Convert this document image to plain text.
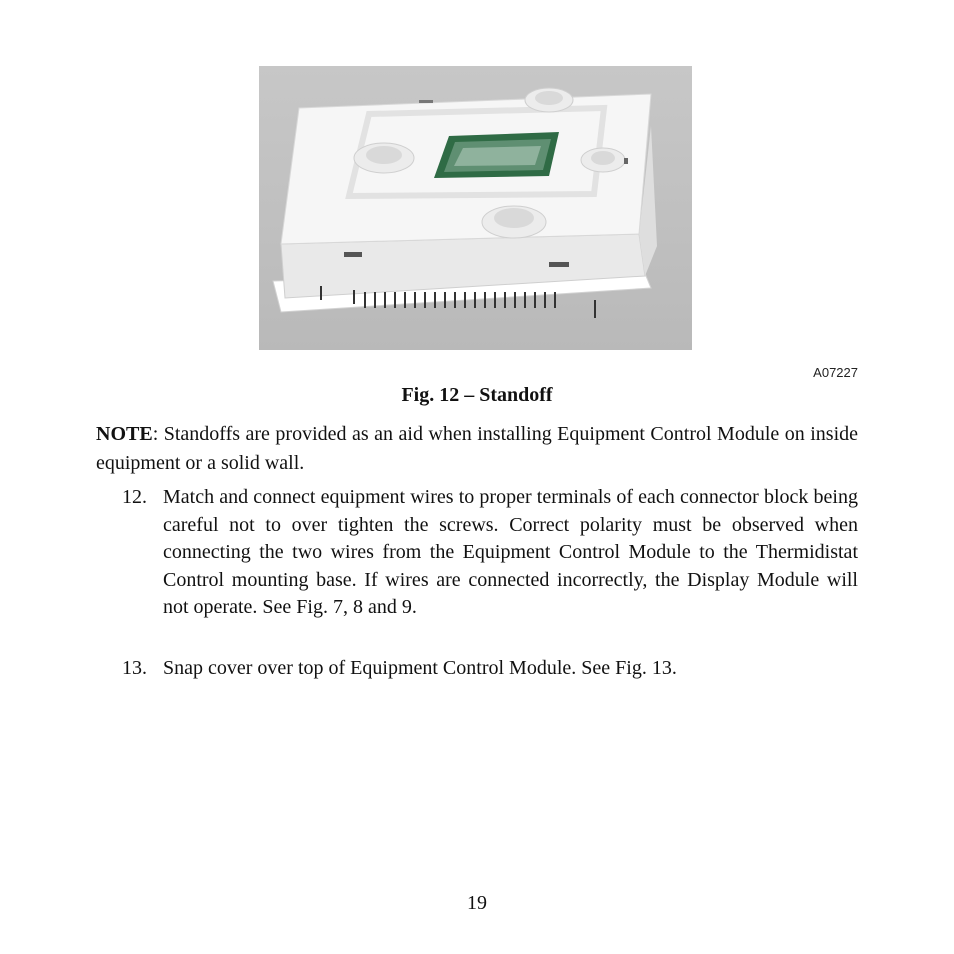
A07227
Fig. 12 – Standoff
NOTE: Standoffs are provided as an aid when installing Equipment Control Module on inside equipment or a solid wall.
12. Match and connect equipment wires to proper terminals of each connector block being careful not to over tighten the screws. Correct polarity must be observed when connecting the two wires from the Equipment Control Module to the Thermidistat Control mounting base. If wires are connected incorrectly, the Display Module will not operate. See Fig. 7, 8 and 9.
13. Snap cover over top of Equipment Control Module. See Fig. 13.
19
